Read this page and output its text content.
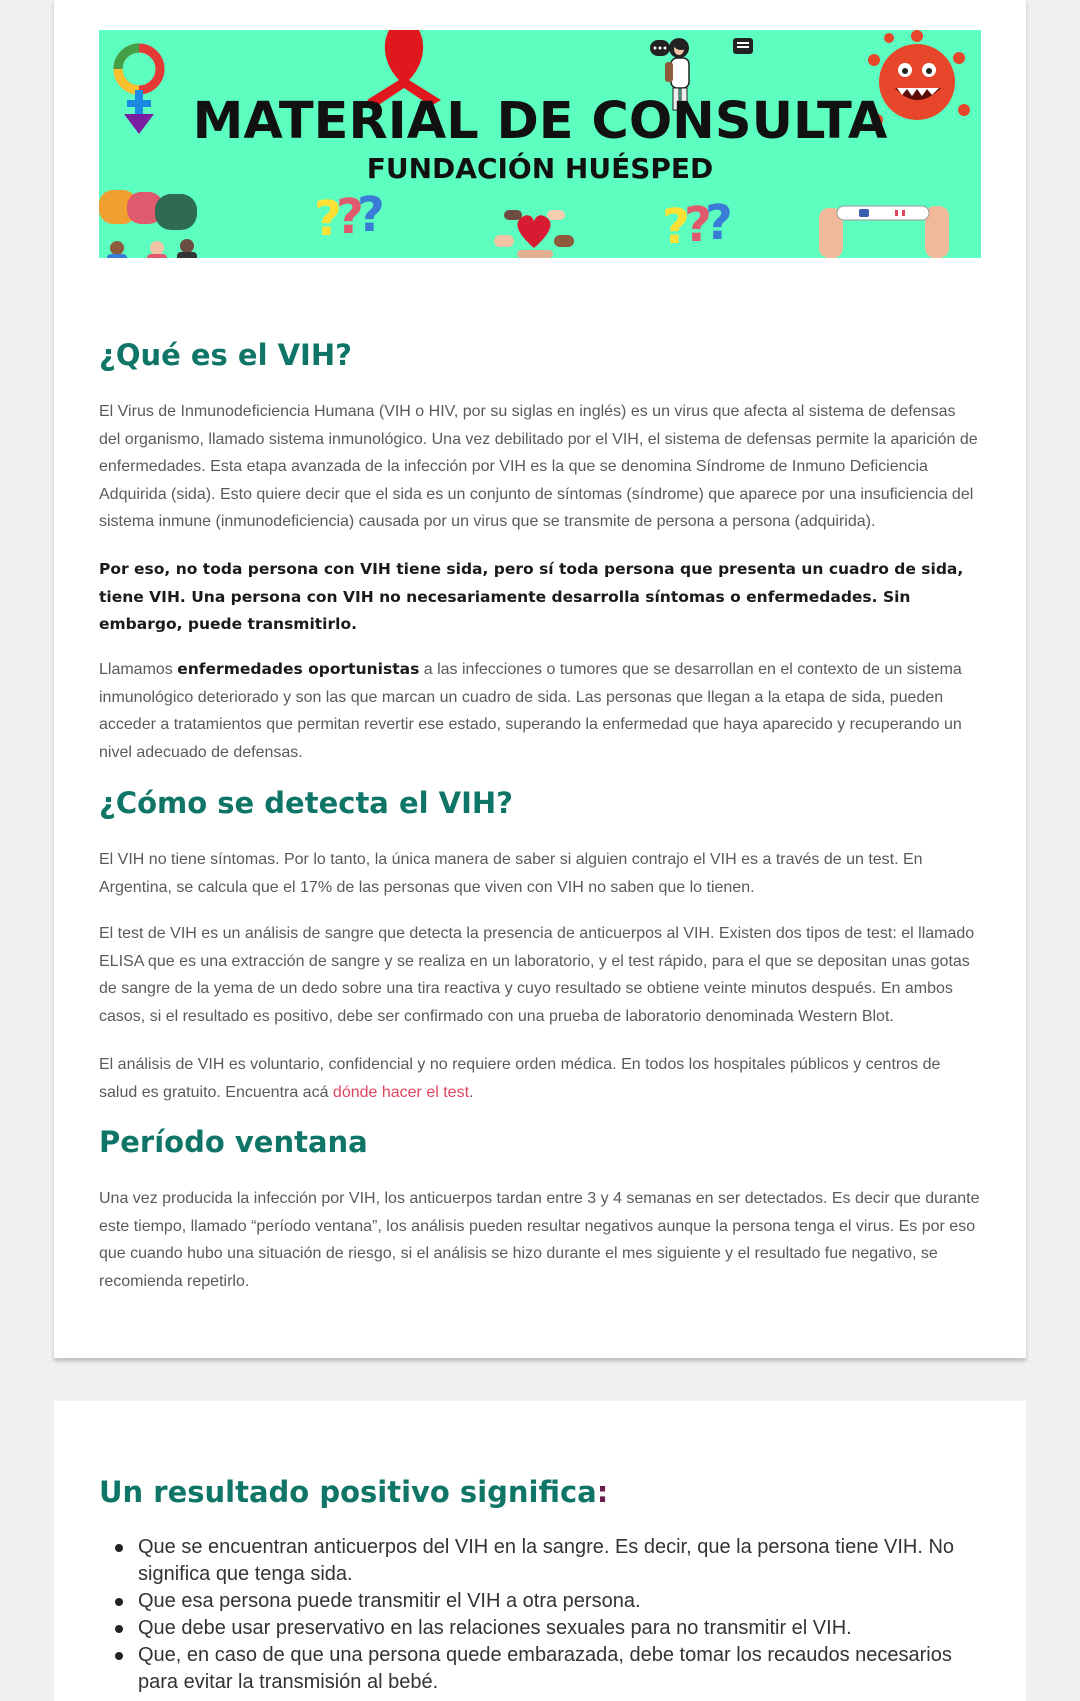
MATERIAL DE CONSULTA
FUNDACIÓN HUÉSPED
?
?
?	?
?
?
¿Qué es el VIH?

El Virus de Inmunodeficiencia Humana (VIH o HIV, por su siglas en inglés) es un virus que afecta al sistema de defensas del organismo, llamado sistema inmunológico. Una vez debilitado por el VIH, el sistema de defensas permite la aparición de enfermedades. Esta etapa avanzada de la infección por VIH es la que se denomina Síndrome de Inmuno Deficiencia Adquirida (sida). Esto quiere decir que el sida es un conjunto de síntomas (síndrome) que aparece por una insuficiencia del sistema inmune (inmunodeficiencia) causada por un virus que se transmite de persona a persona (adquirida).

Por eso, no toda persona con VIH tiene sida, pero sí toda persona que presenta un cuadro de sida, tiene VIH. Una persona con VIH no necesariamente desarrolla síntomas o enfermedades. Sin embargo, puede transmitirlo.

Llamamos enfermedades oportunistas a las infecciones o tumores que se desarrollan en el contexto de un sistema inmunológico deteriorado y son las que marcan un cuadro de sida. Las personas que llegan a la etapa de sida, pueden acceder a tratamientos que permitan revertir ese estado, superando la enfermedad que haya aparecido y recuperando un nivel adecuado de defensas.

¿Cómo se detecta el VIH?

El VIH no tiene síntomas. Por lo tanto, la única manera de saber si alguien contrajo el VIH es a través de un test. En Argentina, se calcula que el 17% de las personas que viven con VIH no saben que lo tienen.

El test de VIH es un análisis de sangre que detecta la presencia de anticuerpos al VIH. Existen dos tipos de test: el llamado ELISA que es una extracción de sangre y se realiza en un laboratorio, y el test rápido, para el que se depositan unas gotas de sangre de la yema de un dedo sobre una tira reactiva y cuyo resultado se obtiene veinte minutos después. En ambos casos, si el resultado es positivo, debe ser confirmado con una prueba de laboratorio denominada Western Blot.

El análisis de VIH es voluntario, confidencial y no requiere orden médica. En todos los hospitales públicos y centros de salud es gratuito. Encuentra acá dónde hacer el test.

Período ventana

Una vez producida la infección por VIH, los anticuerpos tardan entre 3 y 4 semanas en ser detectados. Es decir que durante este tiempo, llamado “período ventana”, los análisis pueden resultar negativos aunque la persona tenga el virus. Es por eso que cuando hubo una situación de riesgo, si el análisis se hizo durante el mes siguiente y el resultado fue negativo, se recomienda repetirlo.

Un resultado positivo significa:
Que se encuentran anticuerpos del VIH en la sangre. Es decir, que la persona tiene VIH. No significa que tenga sida.
Que esa persona puede transmitir el VIH a otra persona.
Que debe usar preservativo en las relaciones sexuales para no transmitir el VIH.
Que, en caso de que una persona quede embarazada, debe tomar los recaudos necesarios para evitar la transmisión al bebé.
